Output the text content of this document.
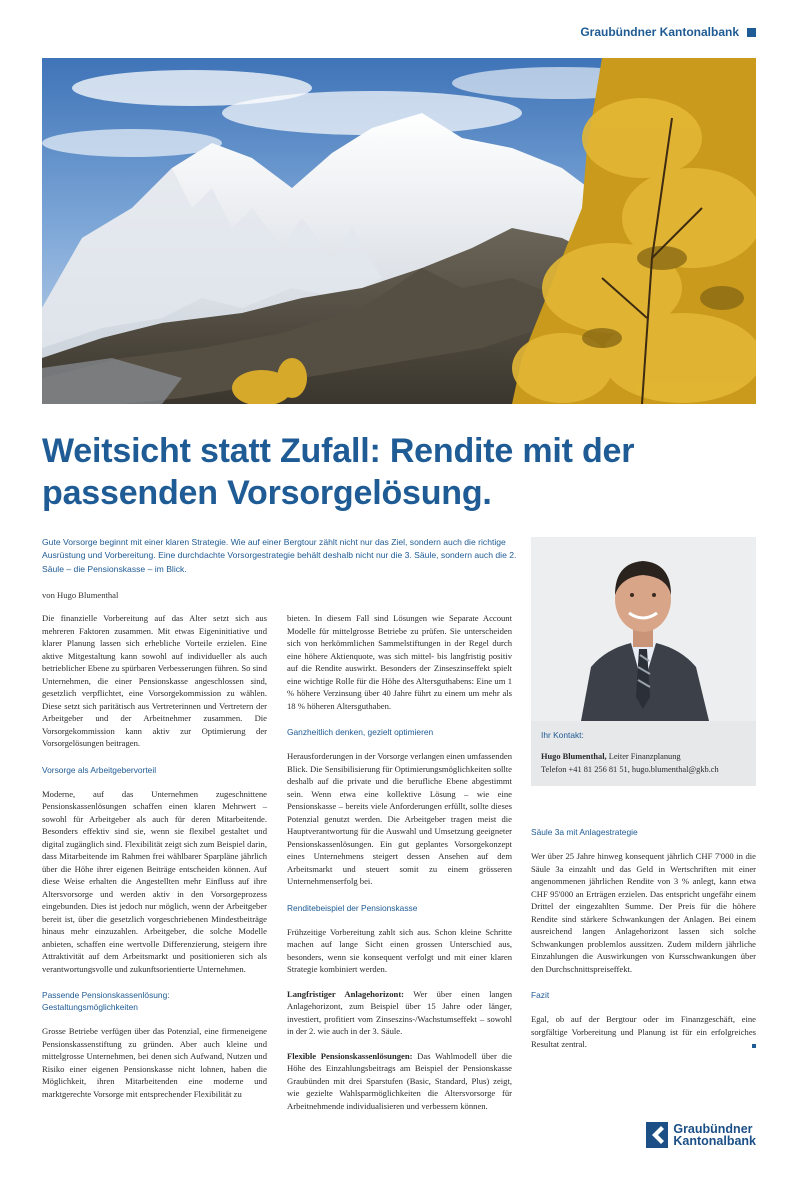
Graubündner Kantonalbank
Weitsicht statt Zufall: Rendite mit der
passenden Vorsorgelösung.

Gute Vorsorge beginnt mit einer klaren Strategie. Wie auf einer Bergtour zählt nicht nur das Ziel, sondern auch die richtige Ausrüstung und Vorbereitung. Eine durchdachte Vorsorgestrategie behält deshalb nicht nur die 3. Säule, sondern auch die 2. Säule – die Pensionskasse – im Blick.

von Hugo Blumenthal

Die finanzielle Vorbereitung auf das Alter setzt sich aus mehreren Faktoren zusammen. Mit etwas Eigeninitiative und klarer Planung lassen sich erhebliche Vorteile erzielen. Eine aktive Mitgestaltung kann sowohl auf individueller als auch betrieblicher Ebene zu spürbaren Verbesserungen führen. So sind Unternehmen, die einer Pensionskasse angeschlossen sind, gesetzlich verpflichtet, eine Vorsorgekommission zu wählen. Diese setzt sich paritätisch aus Vertreterinnen und Vertretern der Arbeitgeber und der Arbeitnehmer zusammen. Die Vorsorgekommission kann aktiv zur Optimierung der Vorsorgelösungen beitragen.

Vorsorge als Arbeitgebervorteil

Moderne, auf das Unternehmen zugeschnittene Pensionskassenlösungen schaffen einen klaren Mehrwert – sowohl für Arbeitgeber als auch für deren Mitarbeitende. Besonders effektiv sind sie, wenn sie flexibel gestaltet und digital zugänglich sind. Flexibilität zeigt sich zum Beispiel darin, dass Mitarbeitende im Rahmen frei wählbarer Sparpläne jährlich über die Höhe ihrer eigenen Beiträge entscheiden können. Auf diese Weise erhalten die Angestellten mehr Einfluss auf ihre Altersvorsorge und werden aktiv in den Vorsorgeprozess eingebunden. Dies ist jedoch nur möglich, wenn der Arbeitgeber bereit ist, über die gesetzlich vorgeschriebenen Mindestbeiträge hinaus mehr einzuzahlen. Arbeitgeber, die solche Modelle anbieten, schaffen eine wertvolle Differenzierung, steigern ihre Attraktivität auf dem Arbeitsmarkt und positionieren sich als verantwortungsvolle und zukunftsorientierte Unternehmen.

Passende Pensionskassenlösung:
Gestaltungsmöglichkeiten

Grosse Betriebe verfügen über das Potenzial, eine firmeneigene Pensionskassenstiftung zu gründen. Aber auch kleine und mittelgrosse Unternehmen, bei denen sich Aufwand, Nutzen und Risiko einer eigenen Pensionskasse nicht lohnen, haben die Möglichkeit, ihren Mitarbeitenden eine moderne und marktgerechte Vorsorge mit entsprechender Flexibilität zu

bieten. In diesem Fall sind Lösungen wie Separate Account Modelle für mittelgrosse Betriebe zu prüfen. Sie unterscheiden sich von herkömmlichen Sammelstiftungen in der Regel durch eine höhere Aktienquote, was sich mittel- bis langfristig positiv auf die Rendite auswirkt. Besonders der Zinseszinseffekt spielt eine wichtige Rolle für die Höhe des Altersguthabens: Eine um 1 % höhere Verzinsung über 40 Jahre führt zu einem um mehr als 18 % höheren Altersguthaben.

Ganzheitlich denken, gezielt optimieren

Herausforderungen in der Vorsorge verlangen einen umfassenden Blick. Die Sensibilisierung für Optimierungsmöglichkeiten sollte deshalb auf die private und die berufliche Ebene abgestimmt sein. Wenn etwa eine kollektive Lösung – wie eine Pensionskasse – bereits viele Anforderungen erfüllt, sollte dieses Potenzial genutzt werden. Die Arbeitgeber tragen meist die Hauptverantwortung für die Auswahl und Umsetzung geeigneter Pensionskassenlösungen. Ein gut geplantes Vorsorgekonzept eines Unternehmens steigert dessen Ansehen auf dem Arbeitsmarkt und steuert somit zu einem grösseren Unternehmenserfolg bei.

Renditebeispiel der Pensionskasse

Frühzeitige Vorbereitung zahlt sich aus. Schon kleine Schritte machen auf lange Sicht einen grossen Unterschied aus, besonders, wenn sie konsequent verfolgt und mit einer klaren Strategie kombiniert werden.

Langfristiger Anlagehorizont: Wer über einen langen Anlagehorizont, zum Beispiel über 15 Jahre oder länger, investiert, profitiert vom Zinseszins-/Wachstumseffekt – sowohl in der 2. wie auch in der 3. Säule.

Flexible Pensionskassenlösungen: Das Wahlmodell über die Höhe des Einzahlungsbeitrags am Beispiel der Pensionskasse Graubünden mit drei Sparstufen (Basic, Standard, Plus) zeigt, wie gezielte Wahlsparmöglichkeiten die Altersvorsorge für Arbeitnehmende individualisieren und verbessern können.

Ihr Kontakt:

Hugo Blumenthal, Leiter Finanzplanung

Telefon +41 81 256 81 51, hugo.blumenthal@gkb.ch

Säule 3a mit Anlagestrategie

Wer über 25 Jahre hinweg konsequent jährlich CHF 7'000 in die Säule 3a einzahlt und das Geld in Wertschriften mit einer angenommenen jährlichen Rendite von 3 % anlegt, kann etwa CHF 95'000 an Erträgen erzielen. Das entspricht ungefähr einem Drittel der eingezahlten Summe. Der Preis für die höhere Rendite sind stärkere Schwankungen der Anlagen. Bei einem ausreichend langen Anlagehorizont lassen sich solche Schwankungen problemlos aussitzen. Zudem mildern jährliche Einzahlungen die Auswirkungen von Kursschwankungen über den Durchschnittspreiseffekt.

Fazit

Egal, ob auf der Bergtour oder im Finanzgeschäft, eine sorgfältige Vorbereitung und Planung ist für ein erfolgreiches Resultat zentral.

Graubündner
Kantonalbank
